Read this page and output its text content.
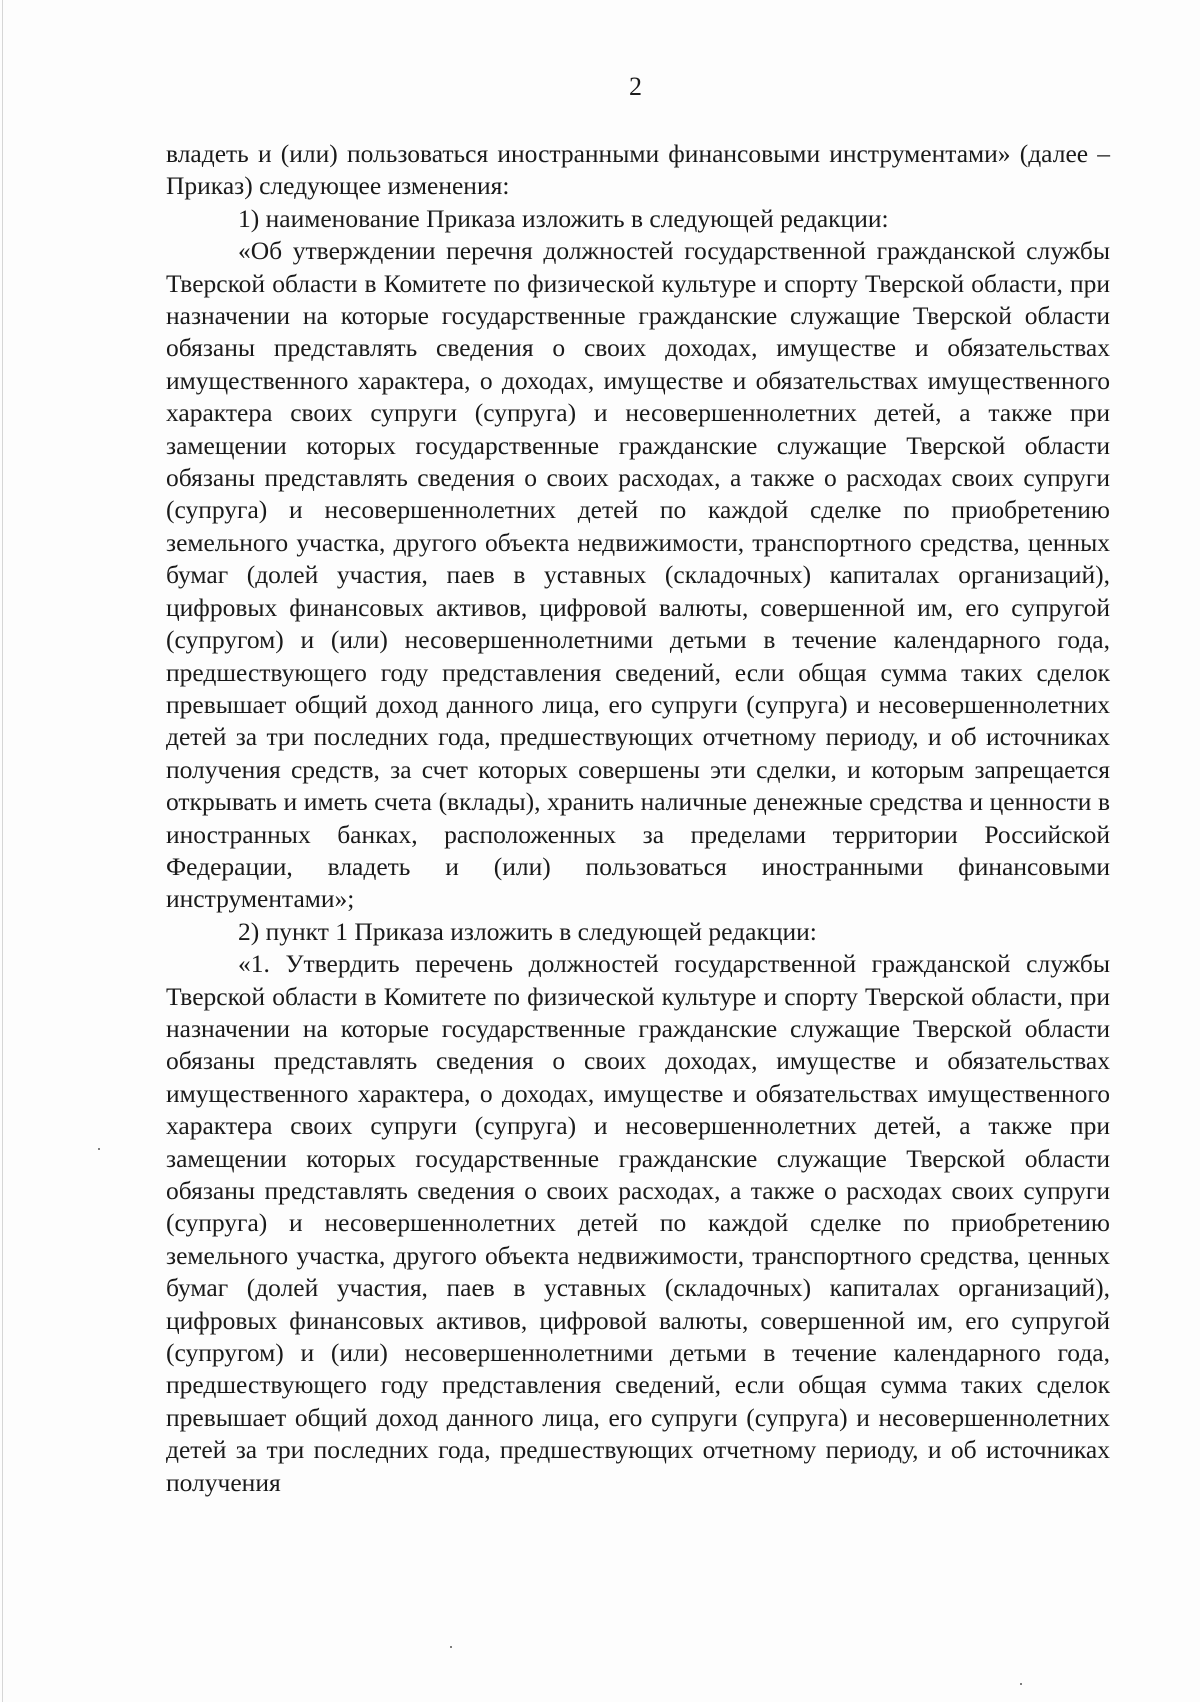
2

владеть и (или) пользоваться иностранными финансовыми инструментами» (далее – Приказ) следующее изменения:

1) наименование Приказа изложить в следующей редакции:

«Об утверждении перечня должностей государственной гражданской службы Тверской области в Комитете по физической культуре и спорту Тверской области, при назначении на которые государственные гражданские служащие Тверской области обязаны представлять сведения о своих доходах, имуществе и обязательствах имущественного характера, о доходах, имуществе и обязательствах имущественного характера своих супруги (супруга) и несовершеннолетних детей, а также при замещении которых государственные гражданские служащие Тверской области обязаны представлять сведения о своих расходах, а также о расходах своих супруги (супруга) и несовершеннолетних детей по каждой сделке по приобретению земельного участка, другого объекта недвижимости, транспортного средства, ценных бумаг (долей участия, паев в уставных (складочных) капиталах организаций), цифровых финансовых активов, цифровой валюты, совершенной им, его супругой (супругом) и (или) несовершеннолетними детьми в течение календарного года, предшествующего году представления сведений, если общая сумма таких сделок превышает общий доход данного лица, его супруги (супруга) и несовершеннолетних детей за три последних года, предшествующих отчетному периоду, и об источниках получения средств, за счет которых совершены эти сделки, и которым запрещается открывать и иметь счета (вклады), хранить наличные денежные средства и ценности в иностранных банках, расположенных за пределами территории Российской Федерации, владеть и (или) пользоваться иностранными финансовыми инструментами»;

2) пункт 1 Приказа изложить в следующей редакции:

«1. Утвердить перечень должностей государственной гражданской службы Тверской области в Комитете по физической культуре и спорту Тверской области, при назначении на которые государственные гражданские служащие Тверской области обязаны представлять сведения о своих доходах, имуществе и обязательствах имущественного характера, о доходах, имуществе и обязательствах имущественного характера своих супруги (супруга) и несовершеннолетних детей, а также при замещении которых государственные гражданские служащие Тверской области обязаны представлять сведения о своих расходах, а также о расходах своих супруги (супруга) и несовершеннолетних детей по каждой сделке по приобретению земельного участка, другого объекта недвижимости, транспортного средства, ценных бумаг (долей участия, паев в уставных (складочных) капиталах организаций), цифровых финансовых активов, цифровой валюты, совершенной им, его супругой (супругом) и (или) несовершеннолетними детьми в течение календарного года, предшествующего году представления сведений, если общая сумма таких сделок превышает общий доход данного лица, его супруги (супруга) и несовершеннолетних детей за три последних года, предшествующих отчетному периоду, и об источниках получения
